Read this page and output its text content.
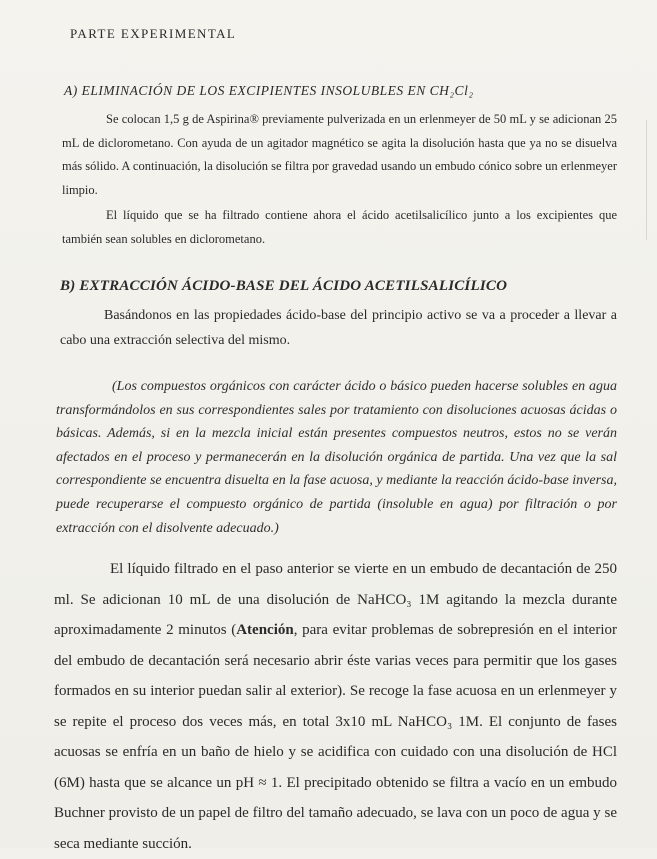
PARTE EXPERIMENTAL
A) ELIMINACIÓN DE LOS EXCIPIENTES INSOLUBLES EN CH₂Cl₂

Se colocan 1,5 g de Aspirina® previamente pulverizada en un erlenmeyer de 50 mL y se adicionan 25 mL de diclorometano. Con ayuda de un agitador magnético se agita la disolución hasta que ya no se disuelva más sólido. A continuación, la disolución se filtra por gravedad usando un embudo cónico sobre un erlenmeyer limpio.

El líquido que se ha filtrado contiene ahora el ácido acetilsalicílico junto a los excipientes que también sean solubles en diclorometano.

B) EXTRACCIÓN ÁCIDO-BASE DEL ÁCIDO ACETILSALICÍLICO

Basándonos en las propiedades ácido-base del principio activo se va a proceder a llevar a cabo una extracción selectiva del mismo.

(Los compuestos orgánicos con carácter ácido o básico pueden hacerse solubles en agua transformándolos en sus correspondientes sales por tratamiento con disoluciones acuosas ácidas o básicas. Además, si en la mezcla inicial están presentes compuestos neutros, estos no se verán afectados en el proceso y permanecerán en la disolución orgánica de partida. Una vez que la sal correspondiente se encuentra disuelta en la fase acuosa, y mediante la reacción ácido-base inversa, puede recuperarse el compuesto orgánico de partida (insoluble en agua) por filtración o por extracción con el disolvente adecuado.)

El líquido filtrado en el paso anterior se vierte en un embudo de decantación de 250 ml. Se adicionan 10 mL de una disolución de NaHCO₃ 1M agitando la mezcla durante aproximadamente 2 minutos (Atención, para evitar problemas de sobrepresión en el interior del embudo de decantación será necesario abrir éste varias veces para permitir que los gases formados en su interior puedan salir al exterior). Se recoge la fase acuosa en un erlenmeyer y se repite el proceso dos veces más, en total 3x10 mL NaHCO₃ 1M. El conjunto de fases acuosas se enfría en un baño de hielo y se acidifica con cuidado con una disolución de HCl (6M) hasta que se alcance un pH ≈ 1. El precipitado obtenido se filtra a vacío en un embudo Buchner provisto de un papel de filtro del tamaño adecuado, se lava con un poco de agua y se seca mediante succión.
